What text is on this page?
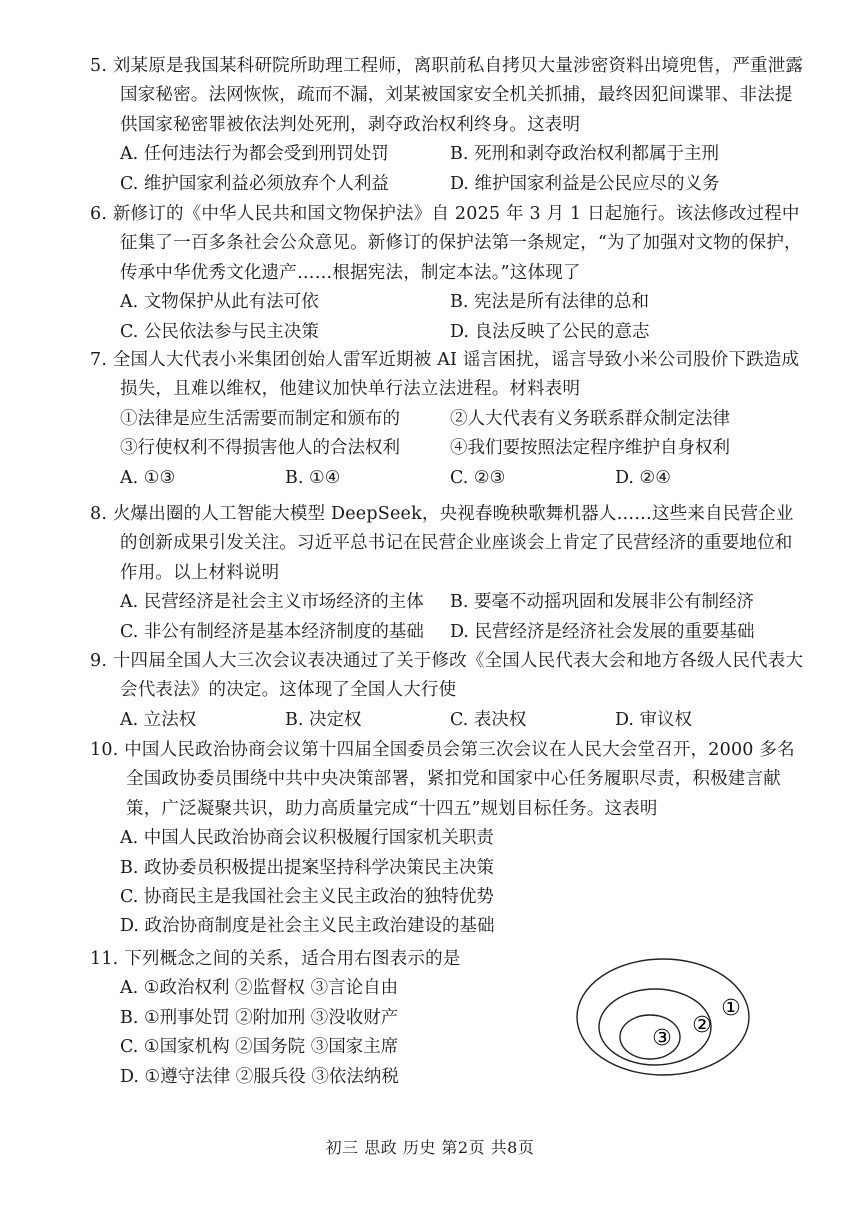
5. 刘某原是我国某科研院所助理工程师，离职前私自拷贝大量涉密资料出境兜售，严重泄露国家秘密。法网恢恢，疏而不漏，刘某被国家安全机关抓捕，最终因犯间谍罪、非法提供国家秘密罪被依法判处死刑，剥夺政治权利终身。这表明

A. 任何违法行为都会受到刑罚处罚	B. 死刑和剥夺政治权利都属于主刑
C. 维护国家利益必须放弃个人利益	D. 维护国家利益是公民应尽的义务

6. 新修订的《中华人民共和国文物保护法》自 2025 年 3 月 1 日起施行。该法修改过程中征集了一百多条社会公众意见。新修订的保护法第一条规定，“为了加强对文物的保护，传承中华优秀文化遗产……根据宪法，制定本法。”这体现了

A. 文物保护从此有法可依	B. 宪法是所有法律的总和
C. 公民依法参与民主决策	D. 良法反映了公民的意志

7. 全国人大代表小米集团创始人雷军近期被 AI 谣言困扰，谣言导致小米公司股价下跌造成损失，且难以维权，他建议加快单行法立法进程。材料表明

①法律是应生活需要而制定和颁布的	②人大代表有义务联系群众制定法律
③行使权利不得损害他人的合法权利	④我们要按照法定程序维护自身权利
A. ①③	B. ①④	C. ②③	D. ②④

8. 火爆出圈的人工智能大模型 DeepSeek，央视春晚秧歌舞机器人……这些来自民营企业的创新成果引发关注。习近平总书记在民营企业座谈会上肯定了民营经济的重要地位和作用。以上材料说明

A. 民营经济是社会主义市场经济的主体	B. 要毫不动摇巩固和发展非公有制经济
C. 非公有制经济是基本经济制度的基础	D. 民营经济是经济社会发展的重要基础

9. 十四届全国人大三次会议表决通过了关于修改《全国人民代表大会和地方各级人民代表大会代表法》的决定。这体现了全国人大行使

A. 立法权	B. 决定权	C. 表决权	D. 审议权

10. 中国人民政治协商会议第十四届全国委员会第三次会议在人民大会堂召开，2000 多名全国政协委员围绕中共中央决策部署，紧扣党和国家中心任务履职尽责，积极建言献策，广泛凝聚共识，助力高质量完成“十四五”规划目标任务。这表明

A. 中国人民政治协商会议积极履行国家机关职责
B. 政协委员积极提出提案坚持科学决策民主决策
C. 协商民主是我国社会主义民主政治的独特优势
D. 政治协商制度是社会主义民主政治建设的基础

11. 下列概念之间的关系，适合用右图表示的是

A. ①政治权利 ②监督权 ③言论自由
B. ①刑事处罚 ②附加刑 ③没收财产
C. ①国家机构 ②国务院 ③国家主席
D. ①遵守法律 ②服兵役 ③依法纳税
①
②
③
初三 思政 历史 第2页 共8页
